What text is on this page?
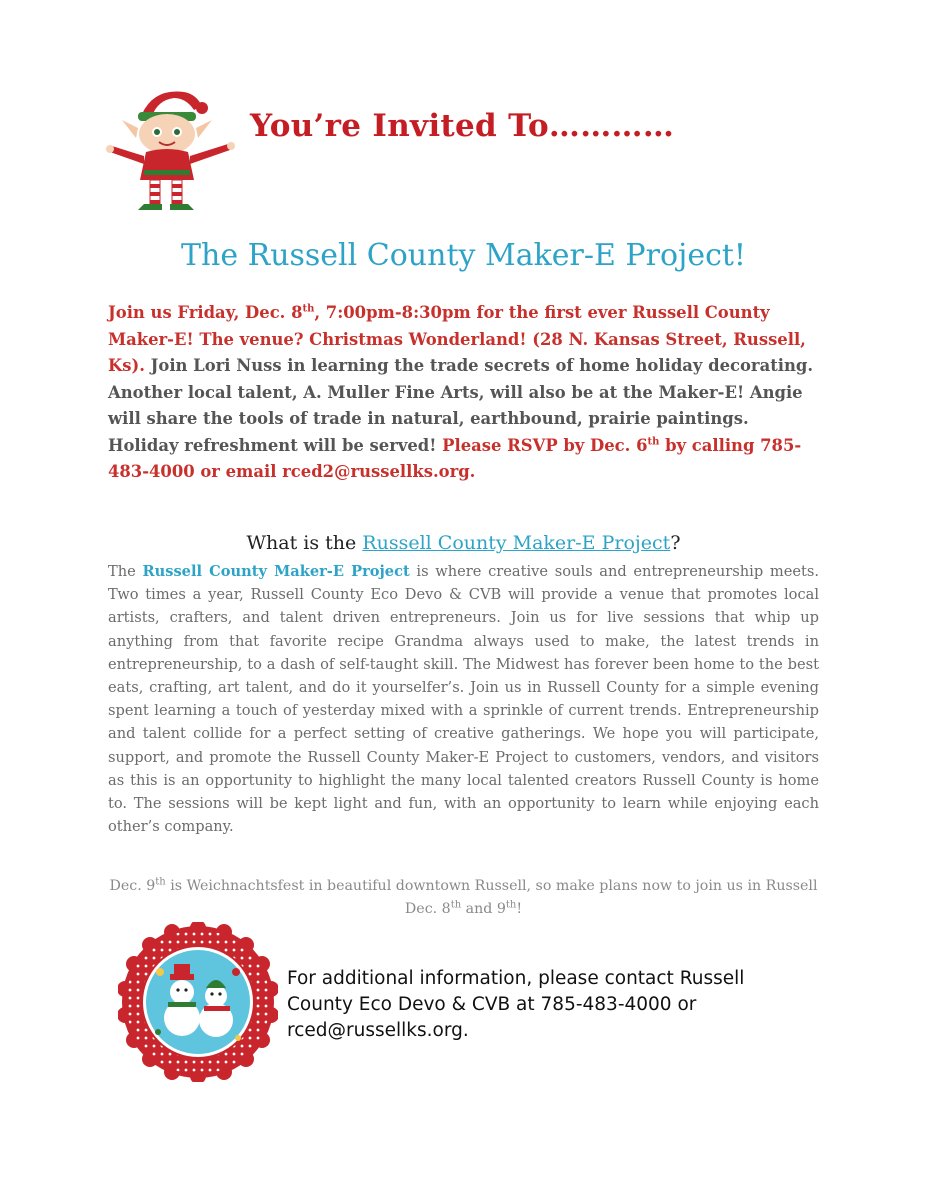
You’re Invited To…………
The Russell County Maker-E Project!

Join us Friday, Dec. 8th, 7:00pm-8:30pm for the first ever Russell County Maker-E! The venue? Christmas Wonderland! (28 N. Kansas Street, Russell, Ks). Join Lori Nuss in learning the trade secrets of home holiday decorating. Another local talent, A. Muller Fine Arts, will also be at the Maker-E! Angie will share the tools of trade in natural, earthbound, prairie paintings. Holiday refreshment will be served! Please RSVP by Dec. 6th by calling 785-483-4000 or email rced2@russellks.org.

What is the Russell County Maker-E Project?

The Russell County Maker-E Project is where creative souls and entrepreneurship meets. Two times a year, Russell County Eco Devo & CVB will provide a venue that promotes local artists, crafters, and talent driven entrepreneurs. Join us for live sessions that whip up anything from that favorite recipe Grandma always used to make, the latest trends in entrepreneurship, to a dash of self-taught skill. The Midwest has forever been home to the best eats, crafting, art talent, and do it yourselfer’s. Join us in Russell County for a simple evening spent learning a touch of yesterday mixed with a sprinkle of current trends. Entrepreneurship and talent collide for a perfect setting of creative gatherings. We hope you will participate, support, and promote the Russell County Maker-E Project to customers, vendors, and visitors as this is an opportunity to highlight the many local talented creators Russell County is home to. The sessions will be kept light and fun, with an opportunity to learn while enjoying each other’s company.

Dec. 9th is Weichnachtsfest in beautiful downtown Russell, so make plans now to join us in Russell Dec. 8th and 9th!

For additional information, please contact Russell County Eco Devo & CVB at 785-483-4000 or rced@russellks.org.
